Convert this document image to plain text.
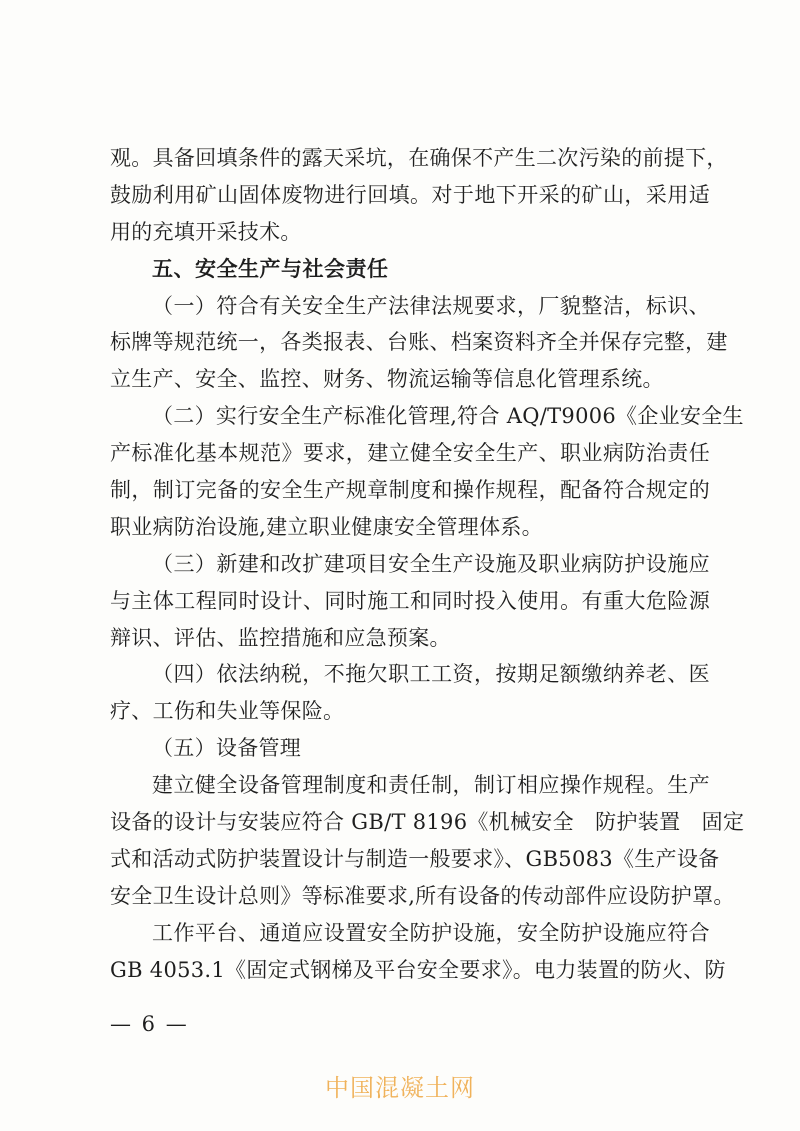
观。具备回填条件的露天采坑，在确保不产生二次污染的前提下，
鼓励利用矿山固体废物进行回填。对于地下开采的矿山，采用适
用的充填开采技术。
五、安全生产与社会责任
（一）符合有关安全生产法律法规要求，厂貌整洁，标识、
标牌等规范统一，各类报表、台账、档案资料齐全并保存完整，建
立生产、安全、监控、财务、物流运输等信息化管理系统。
（二）实行安全生产标准化管理,符合 AQ/T9006《企业安全生
产标准化基本规范》要求，建立健全安全生产、职业病防治责任
制，制订完备的安全生产规章制度和操作规程，配备符合规定的
职业病防治设施,建立职业健康安全管理体系。
（三）新建和改扩建项目安全生产设施及职业病防护设施应
与主体工程同时设计、同时施工和同时投入使用。有重大危险源
辩识、评估、监控措施和应急预案。
（四）依法纳税，不拖欠职工工资，按期足额缴纳养老、医
疗、工伤和失业等保险。
（五）设备管理
建立健全设备管理制度和责任制，制订相应操作规程。生产
设备的设计与安装应符合 GB/T 8196《机械安全　防护装置　固定
式和活动式防护装置设计与制造一般要求》、GB5083《生产设备
安全卫生设计总则》等标准要求,所有设备的传动部件应设防护罩。
工作平台、通道应设置安全防护设施，安全防护设施应符合
GB 4053.1《固定式钢梯及平台安全要求》。电力装置的防火、防
— 6 —
中国混凝土网
